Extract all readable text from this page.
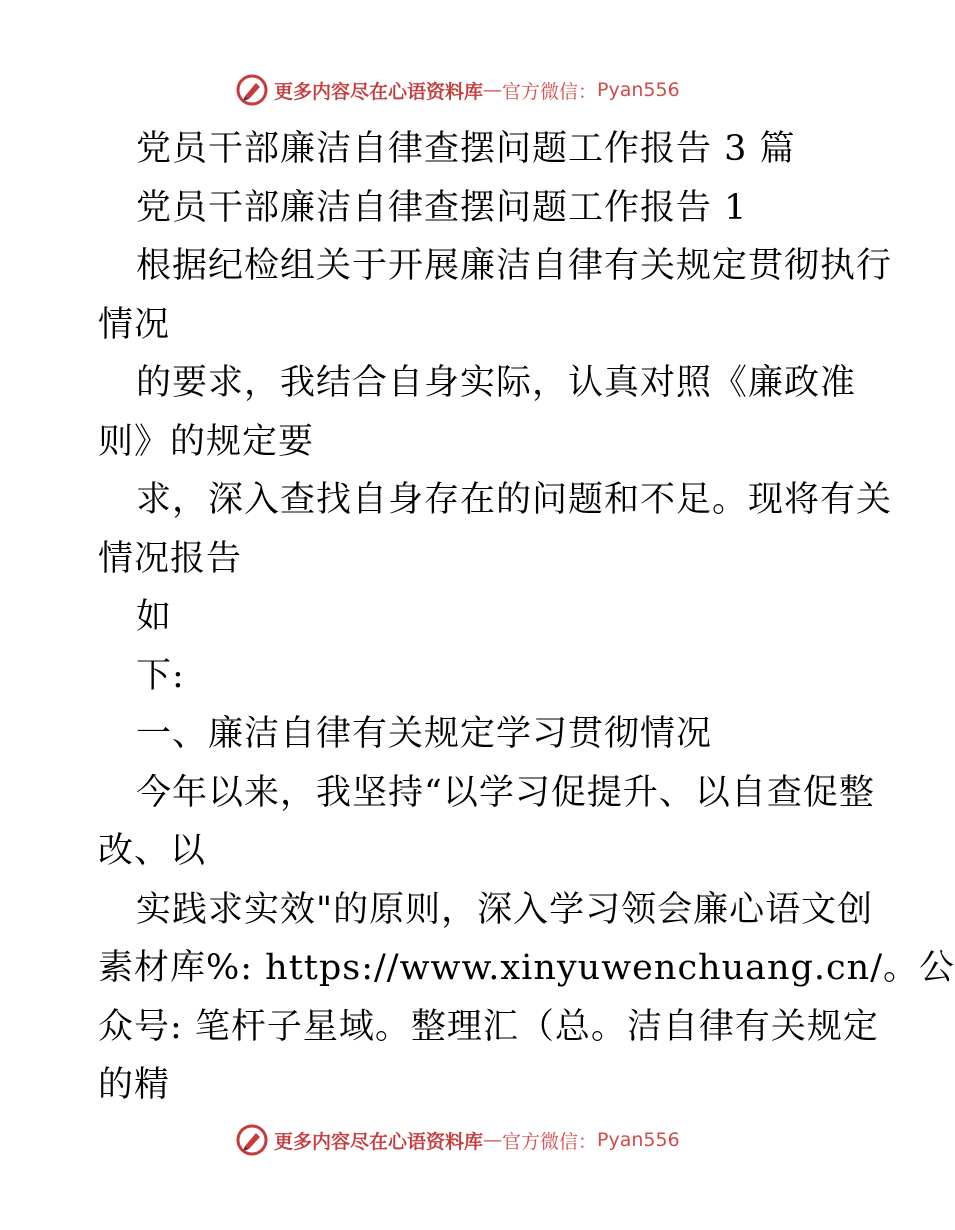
更多内容尽在心语资料库 — 官方微信： Pyan556
党员干部廉洁自律查摆问题工作报告 3 篇
党员干部廉洁自律查摆问题工作报告 1
根据纪检组关于开展廉洁自律有关规定贯彻执行
情况
的要求，我结合自身实际，认真对照《廉政准
则》的规定要
求，深入查找自身存在的问题和不足。现将有关
情况报告
如
下:
一、廉洁自律有关规定学习贯彻情况
今年以来，我坚持“以学习促提升、以自查促整
改、以
实践求实效"的原则，深入学习领会廉心语文创
素材库%: https://www.xinyuwenchuang.cn/。公
众号: 笔杆子星域。整理汇（总。洁自律有关规定
的精
更多内容尽在心语资料库 — 官方微信： Pyan556
